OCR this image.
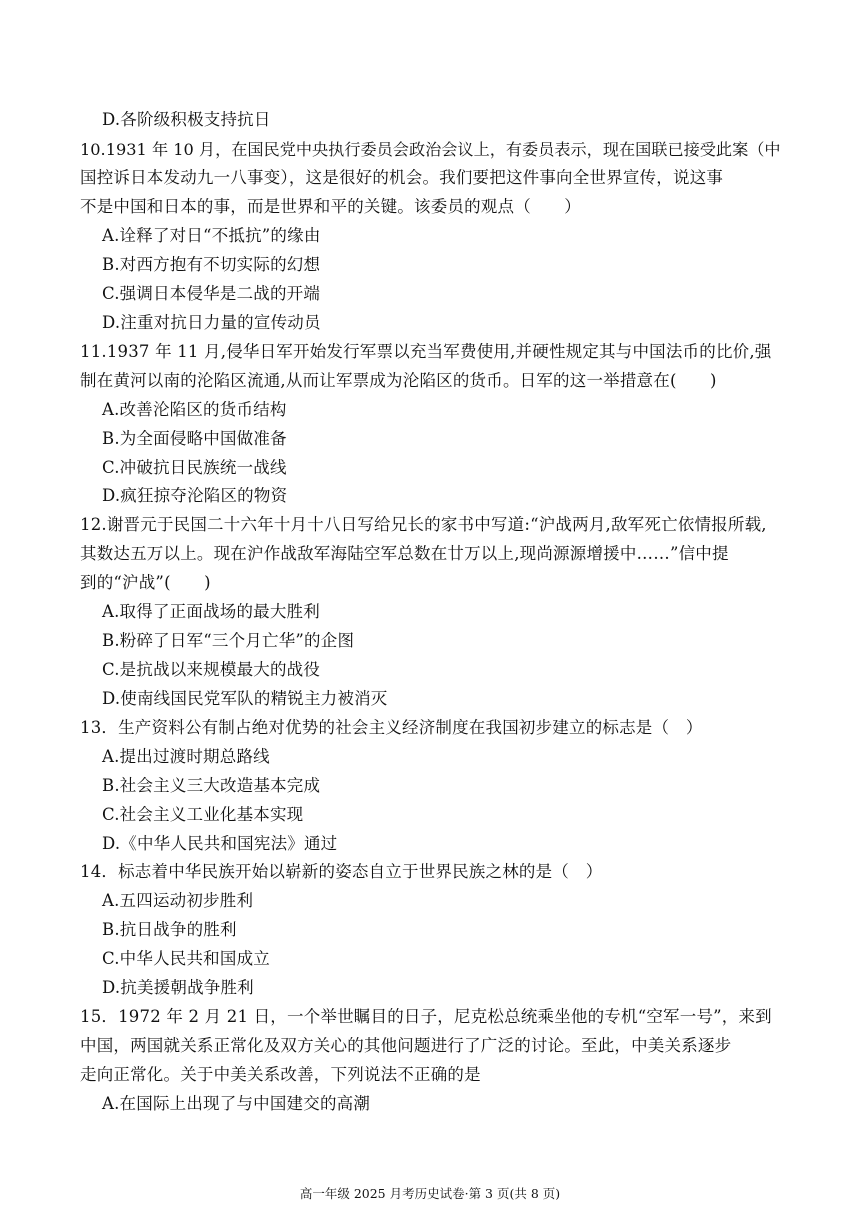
D.各阶级积极支持抗日
10.1931 年 10 月，在国民党中央执行委员会政治会议上，有委员表示，现在国联已接受此案（中
国控诉日本发动九一八事变），这是很好的机会。我们要把这件事向全世界宣传，说这事
不是中国和日本的事，而是世界和平的关键。该委员的观点（　　）
A.诠释了对日“不抵抗”的缘由
B.对西方抱有不切实际的幻想
C.强调日本侵华是二战的开端
D.注重对抗日力量的宣传动员
11.1937 年 11 月,侵华日军开始发行军票以充当军费使用,并硬性规定其与中国法币的比价,强
制在黄河以南的沦陷区流通,从而让军票成为沦陷区的货币。日军的这一举措意在(　　)
A.改善沦陷区的货币结构
B.为全面侵略中国做准备
C.冲破抗日民族统一战线
D.疯狂掠夺沦陷区的物资
12.谢晋元于民国二十六年十月十八日写给兄长的家书中写道:“沪战两月,敌军死亡依情报所载,
其数达五万以上。现在沪作战敌军海陆空军总数在廿万以上,现尚源源增援中……”信中提
到的“沪战”(　　)
A.取得了正面战场的最大胜利
B.粉碎了日军“三个月亡华”的企图
C.是抗战以来规模最大的战役
D.使南线国民党军队的精锐主力被消灭
13．生产资料公有制占绝对优势的社会主义经济制度在我国初步建立的标志是（　）
A.提出过渡时期总路线
B.社会主义三大改造基本完成
C.社会主义工业化基本实现
D.《中华人民共和国宪法》通过
14．标志着中华民族开始以崭新的姿态自立于世界民族之林的是（　）
A.五四运动初步胜利
B.抗日战争的胜利
C.中华人民共和国成立
D.抗美援朝战争胜利
15．1972 年 2 月 21 日，一个举世瞩目的日子，尼克松总统乘坐他的专机“空军一号”，来到
中国，两国就关系正常化及双方关心的其他问题进行了广泛的讨论。至此，中美关系逐步
走向正常化。关于中美关系改善，下列说法不正确的是
A.在国际上出现了与中国建交的高潮
高一年级 2025 月考历史试卷·第 3 页(共 8 页)
